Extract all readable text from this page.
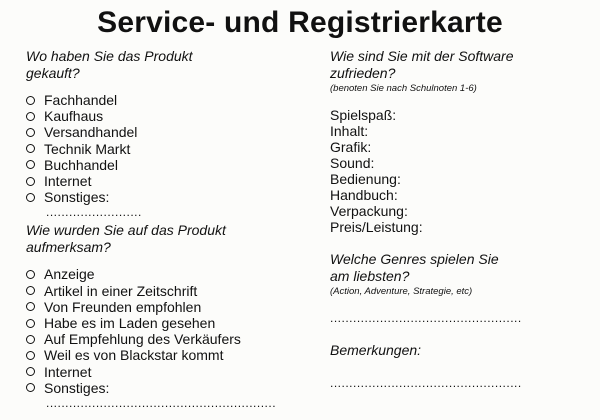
Service- und Registrierkarte

Wo haben Sie das Produkt

gekauft?

Fachhandel
Kaufhaus
Versandhandel
Technik Markt
Buchhandel
Internet
Sonstiges:
.........................

Wie wurden Sie auf das Produkt

aufmerksam?

Anzeige
Artikel in einer Zeitschrift
Von Freunden empfohlen
Habe es im Laden gesehen
Auf Empfehlung des Verkäufers
Weil es von Blackstar kommt
Internet
Sonstiges:
............................................................

Wie sind Sie mit der Software

zufrieden?

(benoten Sie nach Schulnoten 1-6)

Spielspaß:
Inhalt:
Grafik:
Sound:
Bedienung:
Handbuch:
Verpackung:
Preis/Leistung:

Welche Genres spielen Sie

am liebsten?

(Action, Adventure, Strategie, etc)

..................................................

Bemerkungen:

..................................................
